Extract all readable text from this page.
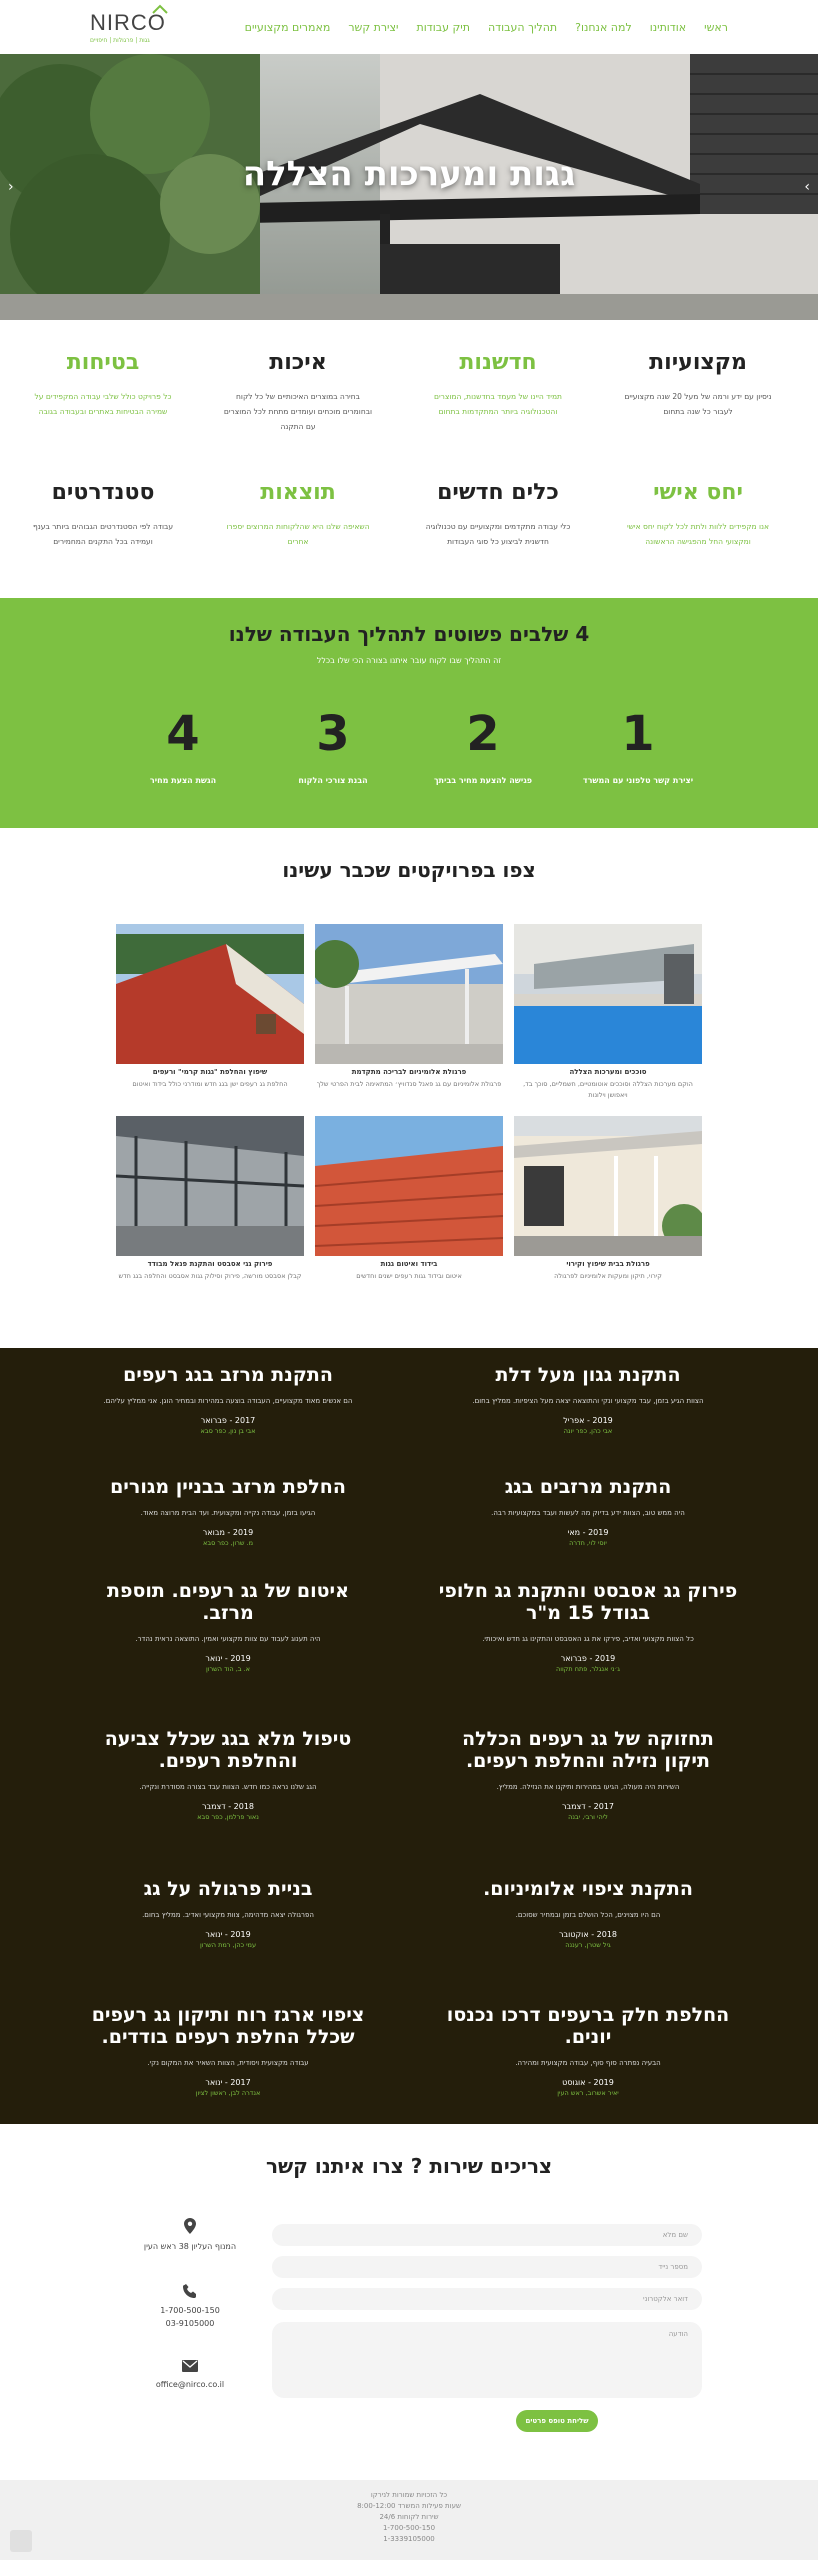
ראשי
אודותינו
למה אנחנו?
תהליך העבודה
תיק עבודות
יצירת קשר
מאמרים מקצועיים
NIRCO
גגות | פרגולות | חיפויים
גגות ומערכות הצללה
‹	›
מקצועיות

ניסיון עם ידע ורמה של מעל 20 שנה מקצועיים לעבור כל שנה בתחום

חדשנות

תמיד היינו של מעמד בחדשנות, המוצרים והטכנולוגיה ביותר המתקדמות בתחום

איכות

בחירה במוצרים האיכותיים של כל לקוח ובחומרים מוכחים ועומדים מתחת לכל המוצרים עם התקנה

בטיחות

כל פרויקט כולל שלבי עבודה המקפידים על שמירה הבטיחות באתרים ובעבודה בגובה

יחס אישי

אנו מקפידים ללוות ולתת לכל לקוח יחס אישי ומקצועי החל מהפגישה הראשונה

כלים חדשים

כלי עבודה מתקדמים ומקצועיים עם טכנולוגיה חדשנית לביצוע כל סוגי העבודות

תוצאות

השאיפה שלנו היא שהלקוחות המרוצים יספרו אחרים

סטנדרטים

עבודה לפי הסטנדרטים הגבוהים ביותר בענף ועמידה בכל התקנים המחמירים

4 שלבים פשוטים לתהליך העבודה שלנו
זה התהליך שבו לקוח עובר איתנו בצורה הכי שלו בכלל
4
הגשת הצעת מחיר
3
הבנת צורכי הלקוח
2
פגישה להצעת מחיר בביתך
1
יצירת קשר טלפוני עם המשרד
צפו בפרויקטים שכבר עשינו
סוככים ומערכות הצללה
הוקם מערכות הצללה וסוככים אוטומטיים, חשמליים, סוכך בד, ויאפושן וילונות
פרגולת אלומיניום לבריכה מתקדמת
פרגולת אלומיניום עם גג פאנל סנדוויץ׳ המתאימה לבית הפרטי שלך
שיפוץ והחלפת "גגות קרמי" ורעפים
החלפת גג רעפים ישן בגג חדש ומודרני כולל בידוד ואיטום
פרגולת בבית שיפוץ וקירוי
קירוי, תיקון ומעקות אלומיניום לפרגולה
בידוד ואיטום גגות
איטום ובידוד גגות רעפים ישנים וחדשים
פירוק גגי אסבסט והתקנת פנאל מבודד
קבלן אסבסט מורשה, פירוק וסילוק גגות אסבסט והחלפה בגג חדש
התקנת גגון מעל דלת

הצוות הגיע בזמן, עבד מקצועי ונקי והתוצאה יצאה מעל הציפיות. ממליץ בחום.

2019 - אפריל
אבי כהן, כפר יונה
התקנת מרזב בגג רעפים

הם אנשים מאוד מקצועיים, העבודה בוצעה במהירות ובמחיר הוגן. אני ממליץ עליהם.

2017 - פברואר
אבי בן נון, כפר סבא
התקנת מרזבים בגג

היה ממש טוב, הצוות ידע בדיוק מה לעשות ועבד במקצועיות רבה.

2019 - מאי
יוסי לוי, חדרה
החלפת מרזב בבניין מגורים

הגיעו בזמן, עבודה נקייה ומקצועית. ועד הבית מרוצה מאוד.

2019 - מבואר
מ. שרון, כפר סבא
פירוק גג אסבסט והתקנת גג חלופי בגודל 15 מ"ר

כל הצוות מקצועי ואדיב, פירקו את גג האסבסט והתקינו גג חדש ואיכותי.

2019 - פברואר
ג׳ני אנגלר, פתח תקווה
איטום של גג רעפים. תוספת מרזב.

היה תענוג לעבוד עם צוות מקצועי ואמין. התוצאה נראית נהדר.

2019 - ינואר
א. ב, הוד השרון
תחזוקה של גג רעפים הכללה תיקון נזילה והחלפת רעפים.

השירות היה מעולה, הגיעו במהירות ותיקנו את הנזילה. ממליץ.

2017 - דצמבר
ליהי ורבי, יבנה
טיפול מלא בגג שכלל צביעה והחלפת רעפים.

הגג שלנו נראה כמו חדש. הצוות עבד בצורה מסודרת ונקייה.

2018 - דצמבר
נאור פרלמן, כפר סבא
התקנת ציפוי אלומיניום.

הם היו מצוינים, הכל הושלם בזמן ובמחיר שסוכם.

2018 - אוקטובר
גיל שטרן, רעננה
בניית פרגולה על גג

הפרגולה יצאה מדהימה, צוות מקצועי ואדיב. ממליץ בחום.

2019 - ינואר
עמי כהן, רמת השרון
החלפת חלק ברעפים דרכו נכנסו יונים.

הבעיה נפתרה סוף סוף, עבודה מקצועית ומהירה.

2019 - אוגוסט
יאיר אשרוב, ראש העין
ציפוי ארגז רוח ותיקון גג רעפים שכלל החלפת רעפים בודדים.

עבודה מקצועית ויסודית, הצוות השאיר את המקום נקי.

2017 - ינואר
אנדרה לבן, ראשון לציון
צריכים שירות ? צרו איתנו קשר
שם מלא
מספר נייד
דואר אלקטרוני
הודעה
שליחת טופס פרטים
המנוף העליון 38 ראש העין
1-700-500-150
03-9105000
office@nirco.co.il
כל הזכויות שמורות לנירקו
שעות פעילות המשרד 8:00-12:00
שירות לקוחות 24/6
1-700-500-150
1-3339105000
